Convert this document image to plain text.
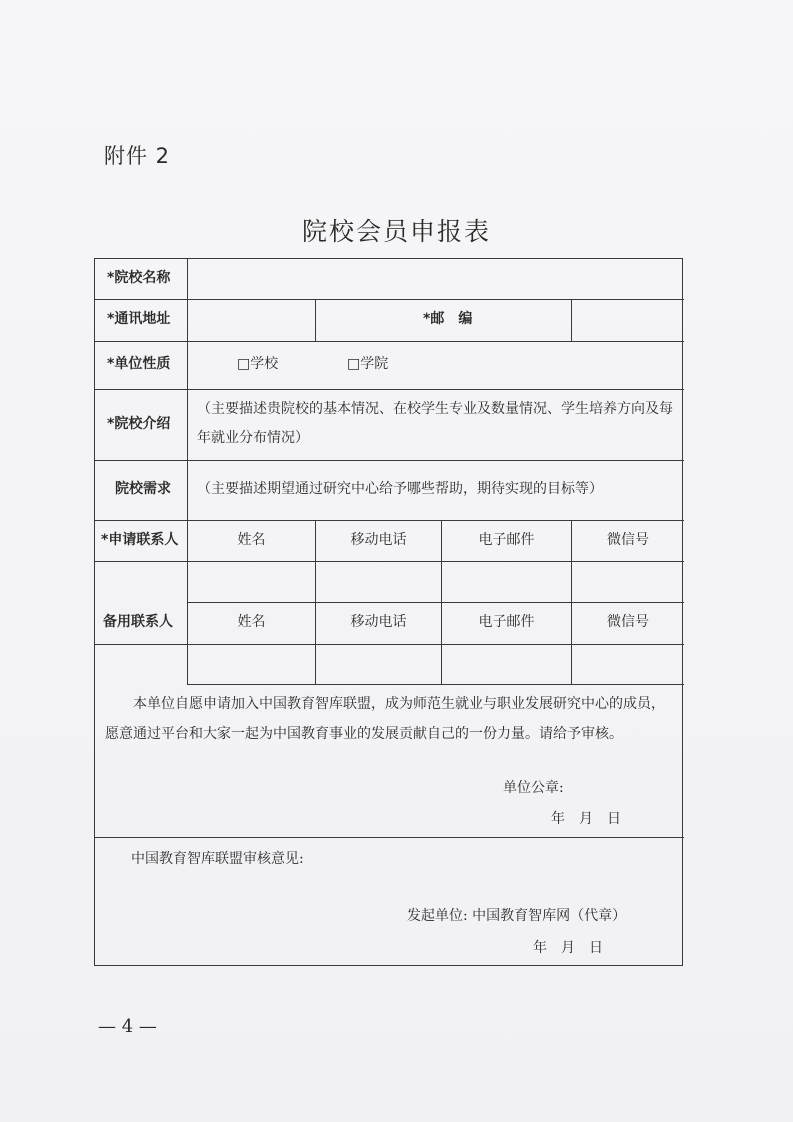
附件 2
院校会员申报表
*院校名称
*通讯地址	*邮　编
*单位性质	□学校	□学院
*院校介绍
（主要描述贵院校的基本情况、在校学生专业及数量情况、学生培养方向及每年就业分布情况）
院校需求 （主要描述期望通过研究中心给予哪些帮助，期待实现的目标等）
*申请联系人	姓名	移动电话	电子邮件	微信号
备用联系人	姓名	移动电话	电子邮件	微信号
本单位自愿申请加入中国教育智库联盟，成为师范生就业与职业发展研究中心的成员，愿意通过平台和大家一起为中国教育事业的发展贡献自己的一份力量。请给予审核。
单位公章:
年　月　日
中国教育智库联盟审核意见:
发起单位: 中国教育智库网（代章）
年　月　日
— 4 —
